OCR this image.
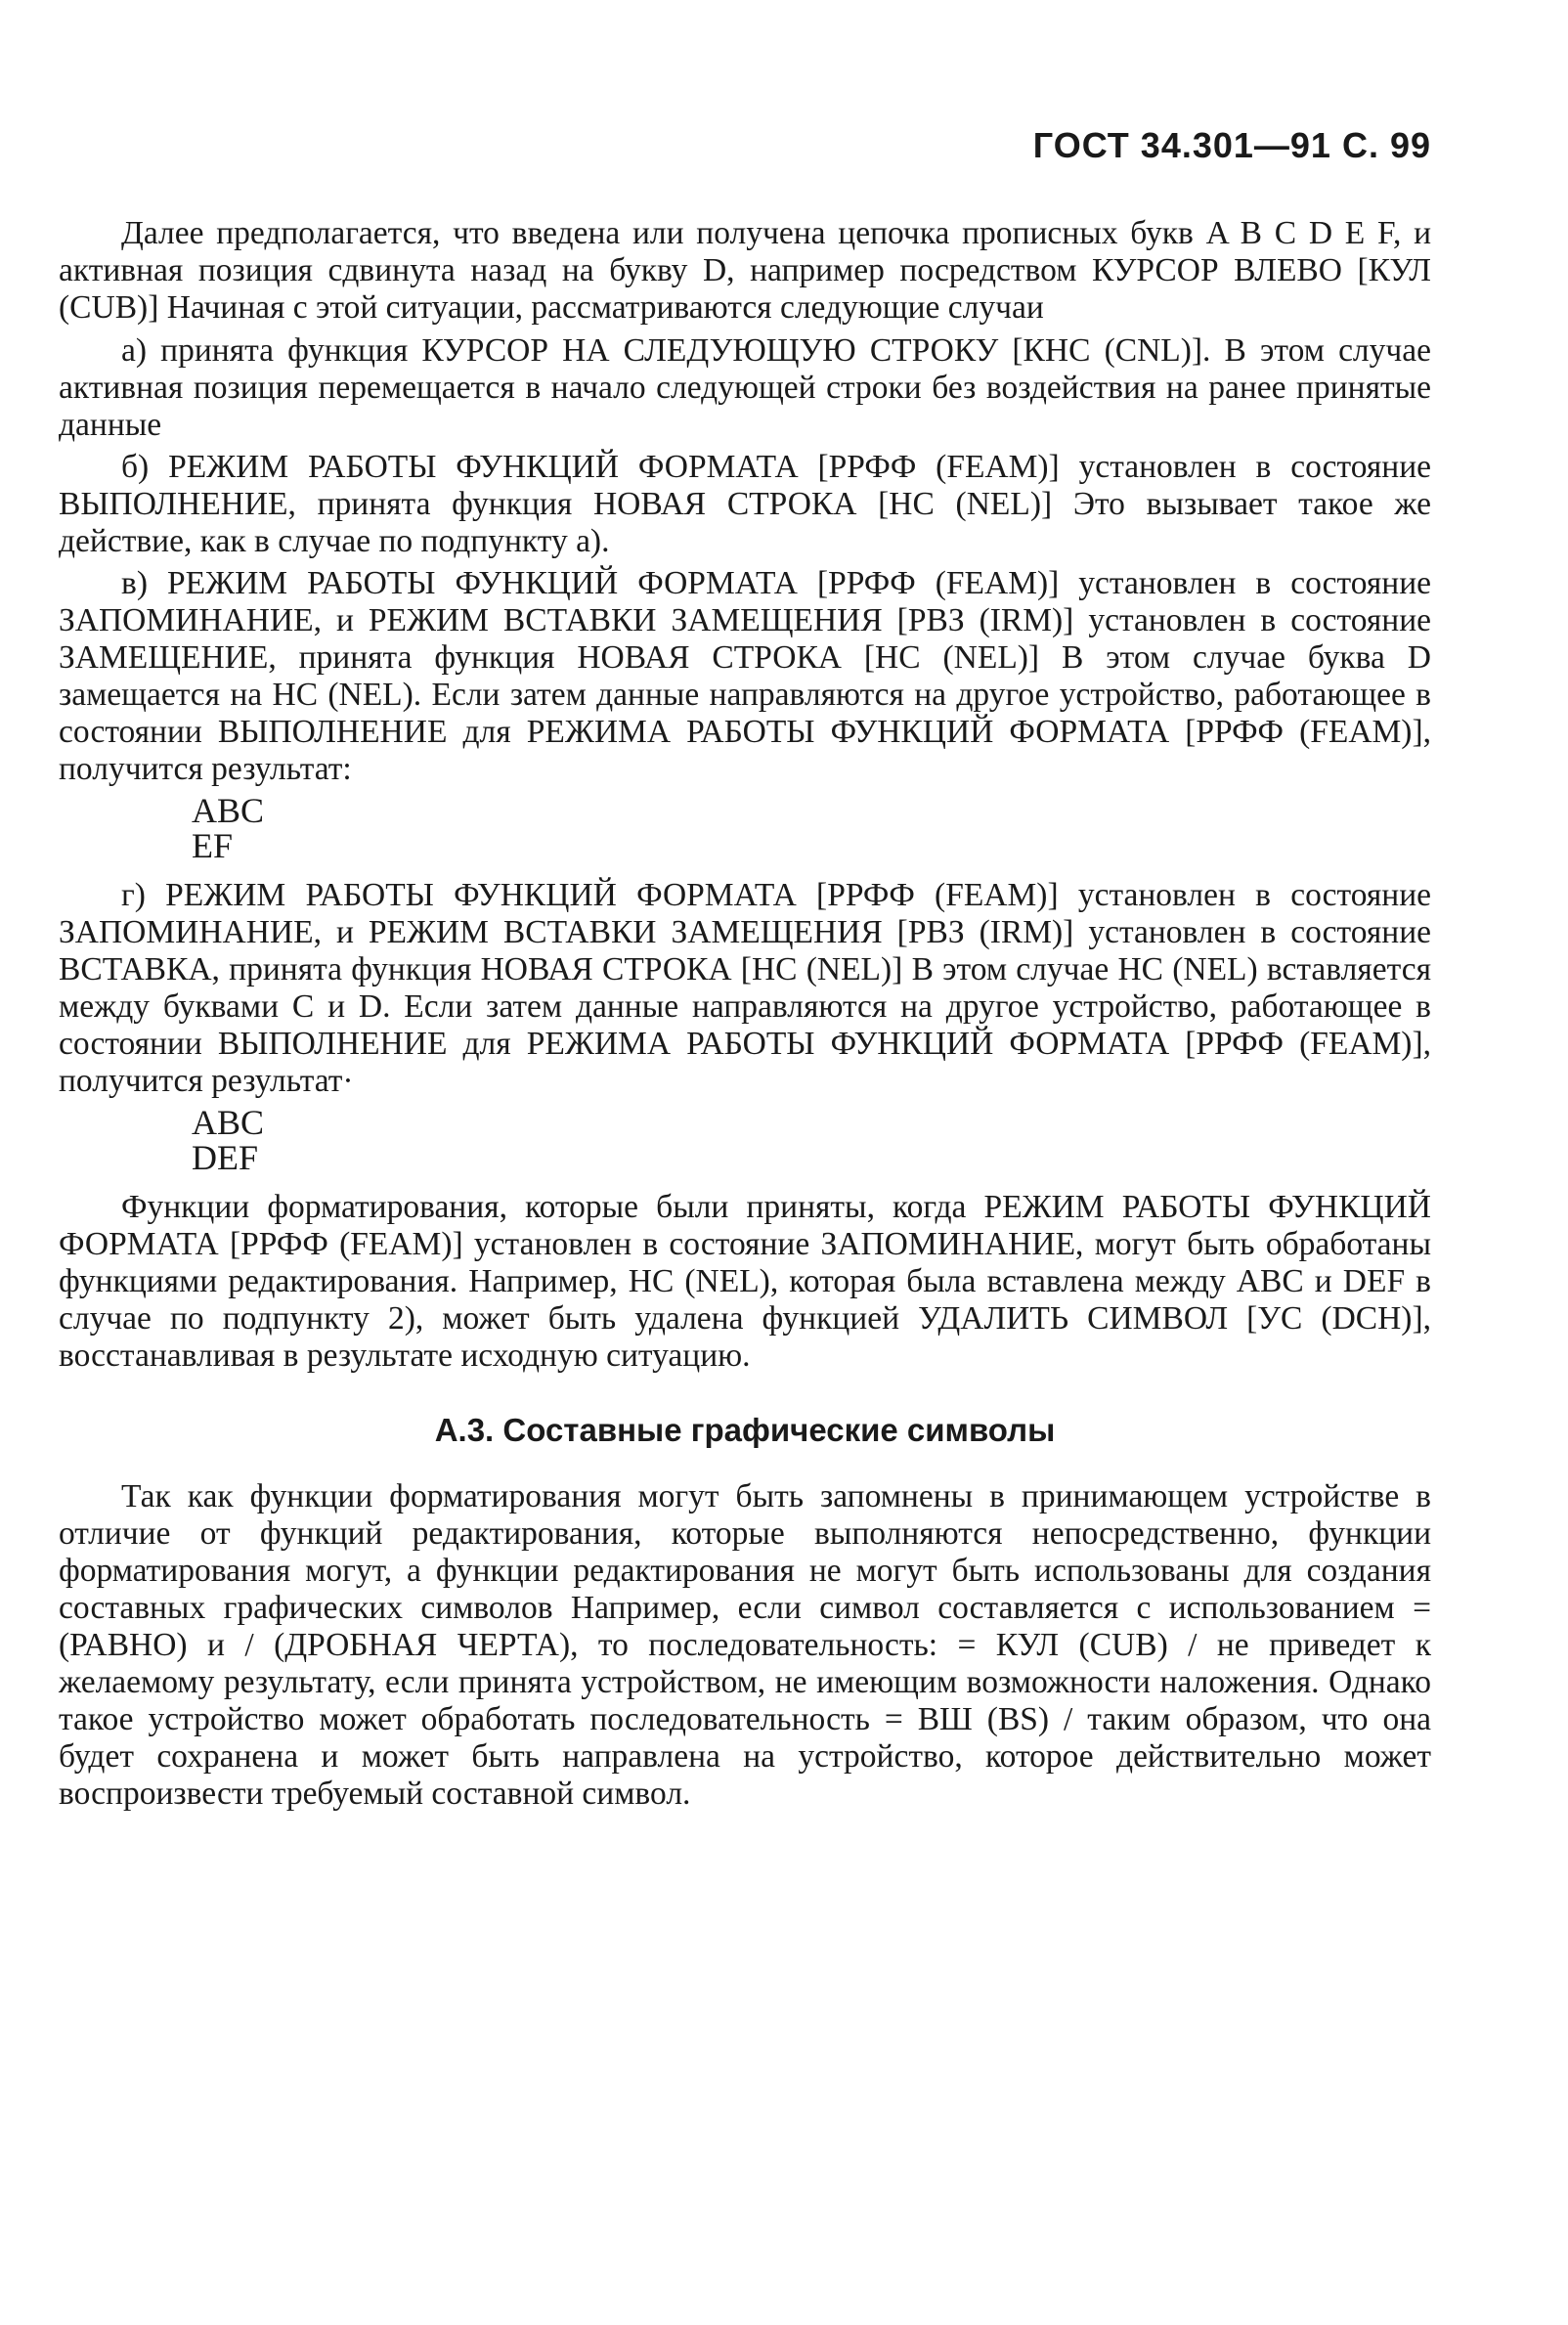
ГОСТ 34.301—91 С. 99

Далее предполагается, что введена или получена цепочка прописных букв A B C D E F, и активная позиция сдвинута назад на букву D, например посредством КУРСОР ВЛЕВО [КУЛ (CUB)] Начиная с этой ситуации, рассматриваются следующие случаи

а) принята функция КУРСОР НА СЛЕДУЮЩУЮ СТРОКУ [КНС (CNL)]. В этом случае активная позиция перемещается в начало следующей строки без воздействия на ранее принятые данные

б) РЕЖИМ РАБОТЫ ФУНКЦИЙ ФОРМАТА [РРФФ (FEAM)] установлен в состояние ВЫПОЛНЕНИЕ, принята функция НОВАЯ СТРОКА [НС (NEL)] Это вызывает такое же действие, как в случае по подпункту а).

в) РЕЖИМ РАБОТЫ ФУНКЦИЙ ФОРМАТА [РРФФ (FEAM)] установлен в состояние ЗАПОМИНАНИЕ, и РЕЖИМ ВСТАВКИ ЗАМЕЩЕНИЯ [РВЗ (IRM)] установлен в состояние ЗАМЕЩЕНИЕ, принята функция НОВАЯ СТРОКА [НС (NEL)] В этом случае буква D замещается на НС (NEL). Если затем данные направляются на другое устройство, работающее в состоянии ВЫПОЛНЕНИЕ для РЕЖИМА РАБОТЫ ФУНКЦИЙ ФОРМАТА [РРФФ (FEAM)], получится результат:

ABC
EF

г) РЕЖИМ РАБОТЫ ФУНКЦИЙ ФОРМАТА [РРФФ (FEAM)] установлен в состояние ЗАПОМИНАНИЕ, и РЕЖИМ ВСТАВКИ ЗАМЕЩЕНИЯ [РВЗ (IRM)] установлен в состояние ВСТАВКА, принята функция НОВАЯ СТРОКА [НС (NEL)] В этом случае НС (NEL) вставляется между буквами C и D. Если затем данные направляются на другое устройство, работающее в состоянии ВЫПОЛНЕНИЕ для РЕЖИМА РАБОТЫ ФУНКЦИЙ ФОРМАТА [РРФФ (FEAM)], получится результат·

ABC
DEF

Функции форматирования, которые были приняты, когда РЕЖИМ РАБОТЫ ФУНКЦИЙ ФОРМАТА [РРФФ (FEAM)] установлен в состояние ЗАПОМИНАНИЕ, могут быть обработаны функциями редактирования. Например, НС (NEL), которая была вставлена между ABC и DEF в случае по подпункту 2), может быть удалена функцией УДАЛИТЬ СИМВОЛ [УС (DCH)], восстанавливая в результате исходную ситуацию.

А.3. Составные графические символы

Так как функции форматирования могут быть запомнены в принимающем устройстве в отличие от функций редактирования, которые выполняются непосредственно, функции форматирования могут, а функции редактирования не могут быть использованы для создания составных графических символов Например, если символ составляется с использованием = (РАВНО) и / (ДРОБНАЯ ЧЕРТА), то последовательность: = КУЛ (CUB) / не приведет к желаемому результату, если принята устройством, не имеющим возможности наложения. Однако такое устройство может обработать последовательность = ВШ (BS) / таким образом, что она будет сохранена и может быть направлена на устройство, которое действительно может воспроизвести требуемый составной символ.
